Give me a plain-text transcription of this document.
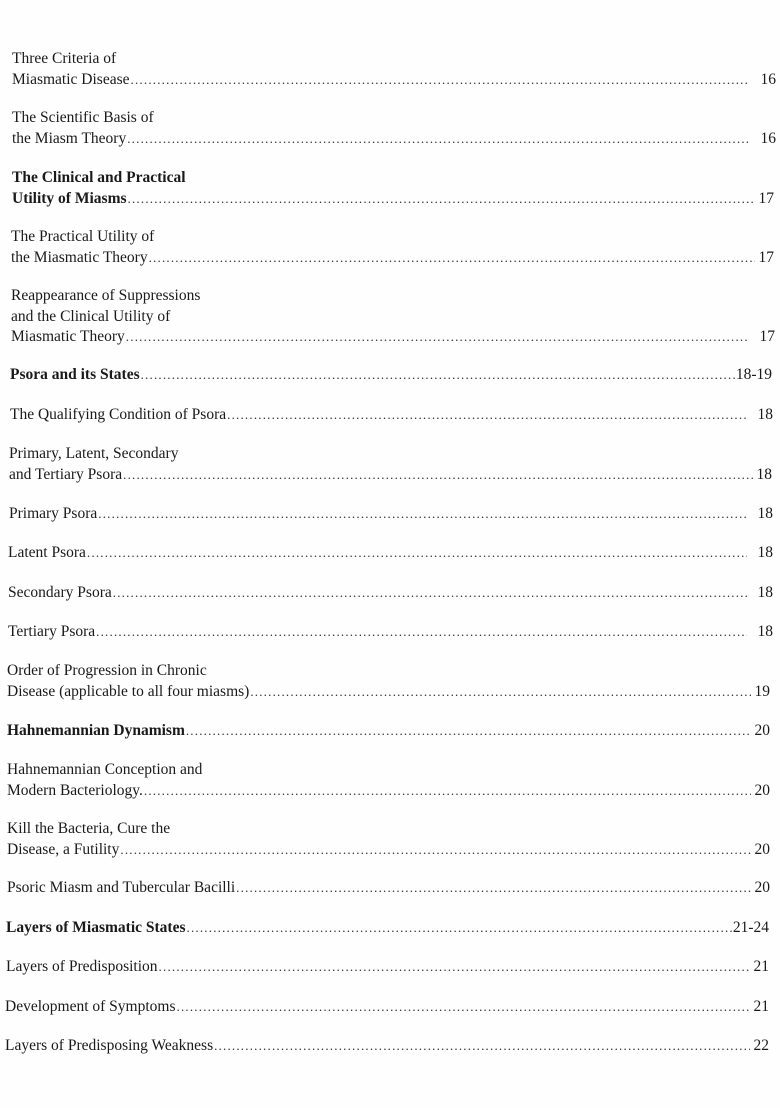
Three Criteria of
Miasmatic Disease .....	16
The Scientific Basis of
the Miasm Theory .....	16
The Clinical and Practical
Utility of Miasms .....	17
The Practical Utility of
the Miasmatic Theory .....	17
Reappearance of Suppressions
and the Clinical Utility of
Miasmatic Theory .....	17
Psora and its States .....	18-19
The Qualifying Condition of Psora .....	18
Primary, Latent, Secondary
and Tertiary Psora .....	18
Primary Psora .....	18
Latent Psora .....	18
Secondary Psora .....	18
Tertiary Psora .....	18
Order of Progression in Chronic
Disease (applicable to all four miasms) .....	19
Hahnemannian Dynamism .....	20
Hahnemannian Conception and
Modern Bacteriology. .....	20
Kill the Bacteria, Cure the
Disease, a Futility .....	20
Psoric Miasm and Tubercular Bacilli .....	20
Layers of Miasmatic States .....	21-24
Layers of Predisposition .....	21
Development of Symptoms .....	21
Layers of Predisposing Weakness .....	22
